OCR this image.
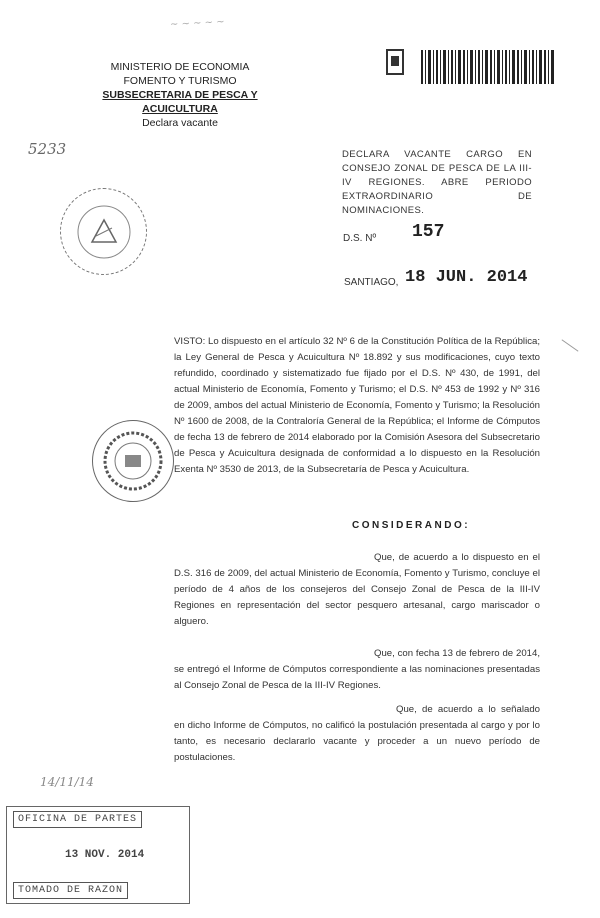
~ ~ ~ ~ ~
MINISTERIO DE ECONOMIA
FOMENTO Y TURISMO
SUBSECRETARIA DE PESCA Y ACUICULTURA
Declara vacante
5233	DECLARA VACANTE CARGO EN CONSEJO ZONAL DE PESCA DE LA III-IV REGIONES. ABRE PERIODO EXTRAORDINARIO DE NOMINACIONES.
D.S. Nº 157
SANTIAGO, 18 JUN. 2014
VISTO: Lo dispuesto en el artículo 32 Nº 6 de la Constitución Política de la República; la Ley General de Pesca y Acuicultura Nº 18.892 y sus modificaciones, cuyo texto refundido, coordinado y sistematizado fue fijado por el D.S. Nº 430, de 1991, del actual Ministerio de Economía, Fomento y Turismo; el D.S. Nº 453 de 1992 y Nº 316 de 2009, ambos del actual Ministerio de Economía, Fomento y Turismo; la Resolución Nº 1600 de 2008, de la Contraloría General de la República; el Informe de Cómputos de fecha 13 de febrero de 2014 elaborado por la Comisión Asesora del Subsecretario de Pesca y Acuicultura designada de conformidad a lo dispuesto en la Resolución Exenta Nº 3530 de 2013, de la Subsecretaría de Pesca y Acuicultura.
CONSIDERANDO:
Que, de acuerdo a lo dispuesto en el D.S. 316 de 2009, del actual Ministerio de Economía, Fomento y Turismo, concluye el período de 4 años de los consejeros del Consejo Zonal de Pesca de la III-IV Regiones en representación del sector pesquero artesanal, cargo mariscador o alguero.
Que, con fecha 13 de febrero de 2014, se entregó el Informe de Cómputos correspondiente a las nominaciones presentadas al Consejo Zonal de Pesca de la III-IV Regiones.
Que, de acuerdo a lo señalado en dicho Informe de Cómputos, no calificó la postulación presentada al cargo y por lo tanto, es necesario declararlo vacante y proceder a un nuevo período de postulaciones.
14/11/14
OFICINA DE PARTES
13 NOV. 2014
TOMADO DE RAZON
